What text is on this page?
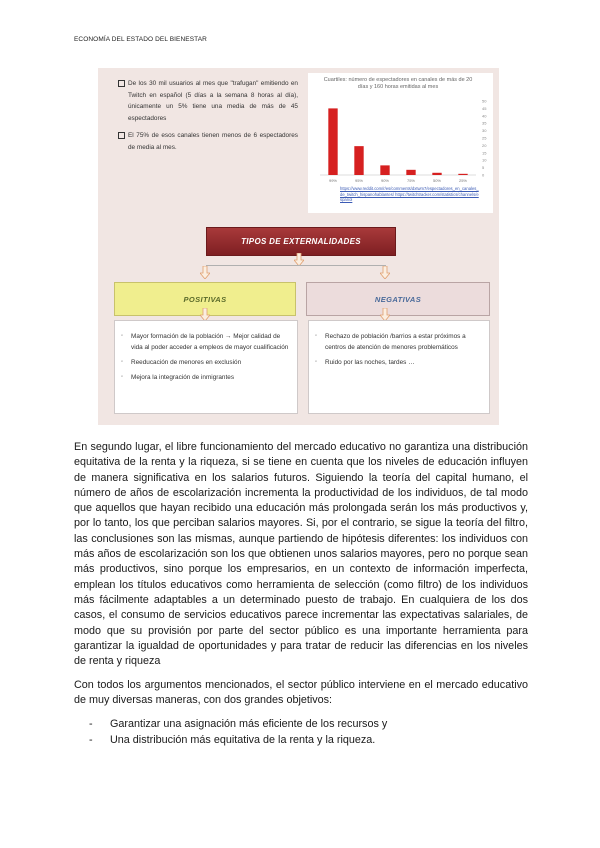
ECONOMÍA DEL ESTADO DEL BIENESTAR
De los 30 mil usuarios al mes que "trafugan" emitiendo en Twitch en español (5 días a la semana 8 horas al día), únicamente un 5% tiene una media de más de 45 espectadores
El 75% de esos canales tienen menos de 6 espectadores de media al mes.
Cuartiles: número de espectadores en canales de más de 20 días y 160 horas emitidas al mes
0
5
10
15
20
25
30
35
40
45
50
99%	95%	90%	75%	50%	25%
https://www.reddit.com/r/es/comments/dxtwm7/espectadores_en_canales_de_twitch_hispanohablantes/ https://twitchtracker.com/statistics/channels/espanol
TIPOS DE EXTERNALIDADES
POSITIVAS	NEGATIVAS
◦ Mayor formación de la población → Mejor calidad de vida al poder acceder a empleos de mayor cualificación
◦ Reeducación de menores en exclusión
◦ Mejora la integración de inmigrantes
◦ Rechazo de población /barrios a estar próximos a centros de atención de menores problemáticos
◦ Ruido por las noches, tardes …
En segundo lugar, el libre funcionamiento del mercado educativo no garantiza una distribución equitativa de la renta y la riqueza, si se tiene en cuenta que los niveles de educación influyen de manera significativa en los salarios futuros. Siguiendo la teoría del capital humano, el número de años de escolarización incrementa la productividad de los individuos, de tal modo que aquellos que hayan recibido una educación más prolongada serán los más productivos y, por lo tanto, los que perciban salarios mayores. Si, por el contrario, se sigue la teoría del filtro, las conclusiones son las mismas, aunque partiendo de hipótesis diferentes: los individuos con más años de escolarización son los que obtienen unos salarios mayores, pero no porque sean más productivos, sino porque los empresarios, en un contexto de información imperfecta, emplean los títulos educativos como herramienta de selección (como filtro) de los individuos más fácilmente adaptables a un determinado puesto de trabajo. En cualquiera de los dos casos, el consumo de servicios educativos parece incrementar las expectativas salariales, de modo que su provisión por parte del sector público es una importante herramienta para garantizar la igualdad de oportunidades y para tratar de reducir las diferencias en los niveles de renta y riqueza
Con todos los argumentos mencionados, el sector público interviene en el mercado educativo de muy diversas maneras, con dos grandes objetivos:
- Garantizar una asignación más eficiente de los recursos y
- Una distribución más equitativa de la renta y la riqueza.
